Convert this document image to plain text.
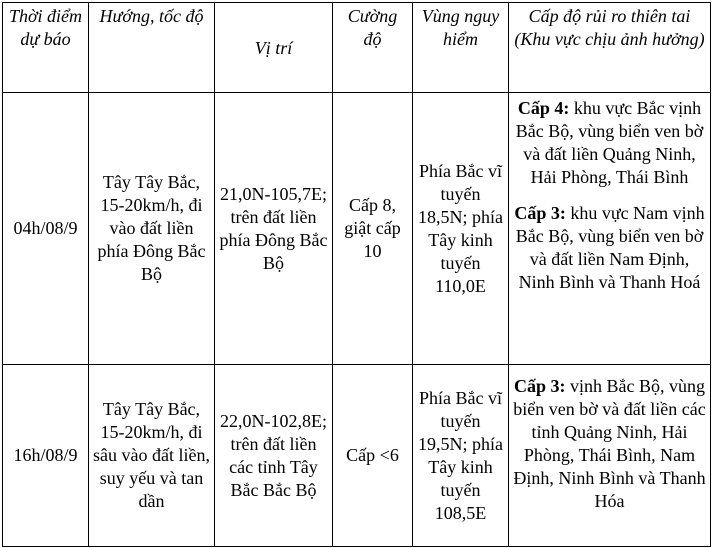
Thời điểm dự báo	Hướng, tốc độ	Vị trí	Cường độ	Vùng nguy hiểm	Cấp độ rủi ro thiên tai (Khu vực chịu ảnh hưởng)
04h/08/9	Tây Tây Bắc, 15-20km/h, đi vào đất liền phía Đông Bắc Bộ	21,0N-105,7E; trên đất liền phía Đông Bắc Bộ	Cấp 8, giật cấp 10	Phía Bắc vĩ tuyến 18,5N; phía Tây kinh tuyến 110,0E	Cấp 4: khu vực Bắc vịnh Bắc Bộ, vùng biển ven bờ và đất liền Quảng Ninh, Hải Phòng, Thái Bình

Cấp 3: khu vực Nam vịnh Bắc Bộ, vùng biển ven bờ và đất liền Nam Định, Ninh Bình và Thanh Hoá

16h/08/9	Tây Tây Bắc, 15-20km/h, đi sâu vào đất liền, suy yếu và tan dần	22,0N-102,8E; trên đất liền các tỉnh Tây Bắc Bắc Bộ	Cấp <6	Phía Bắc vĩ tuyến 19,5N; phía Tây kinh tuyến 108,5E	Cấp 3: vịnh Bắc Bộ, vùng biển ven bờ và đất liền các tỉnh Quảng Ninh, Hải Phòng, Thái Bình, Nam Định, Ninh Bình và Thanh Hóa
